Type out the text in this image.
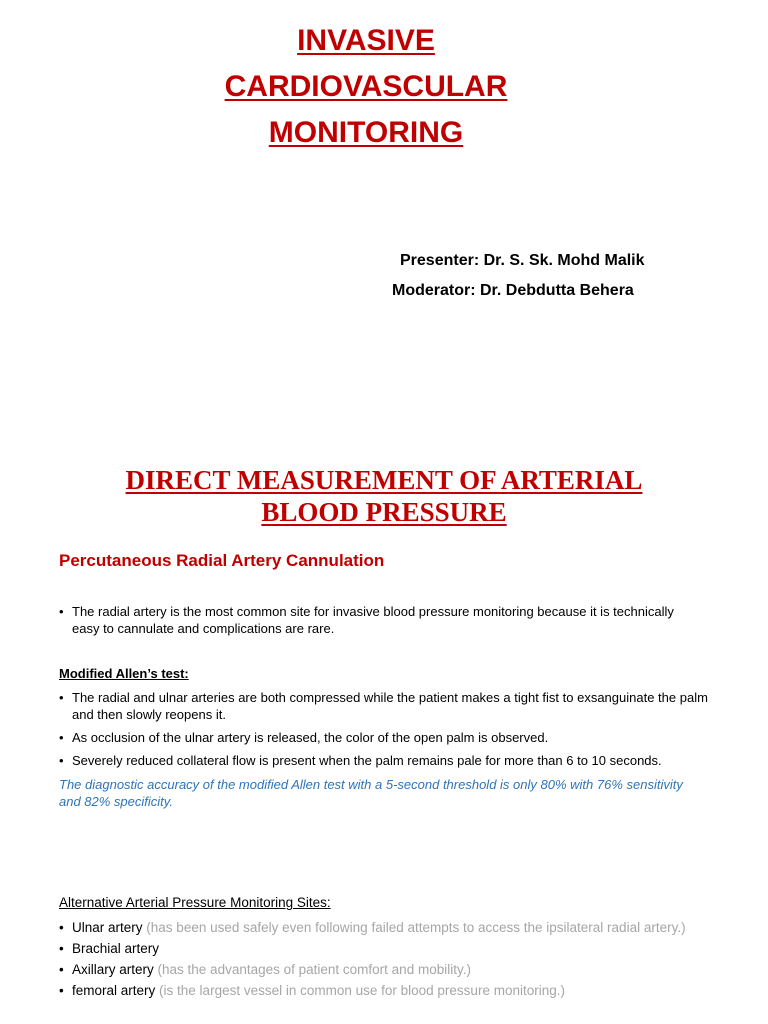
INVASIVE
CARDIOVASCULAR
MONITORING
Presenter: Dr. S. Sk. Mohd Malik
Moderator: Dr. Debdutta Behera
DIRECT MEASUREMENT OF ARTERIAL
BLOOD PRESSURE
Percutaneous Radial Artery Cannulation
• The radial artery is the most common site for invasive blood pressure monitoring because it is technically easy to cannulate and complications are rare.
Modified Allen’s test:
• The radial and ulnar arteries are both compressed while the patient makes a tight fist to exsanguinate the palm and then slowly reopens it.
• As occlusion of the ulnar artery is released, the color of the open palm is observed.
• Severely reduced collateral flow is present when the palm remains pale for more than 6 to 10 seconds.
The diagnostic accuracy of the modified Allen test with a 5-second threshold is only 80% with 76% sensitivity and 82% specificity.
Alternative Arterial Pressure Monitoring Sites:
• Ulnar artery (has been used safely even following failed attempts to access the ipsilateral radial artery.)
• Brachial artery
• Axillary artery (has the advantages of patient comfort and mobility.)
• femoral artery (is the largest vessel in common use for blood pressure monitoring.)
